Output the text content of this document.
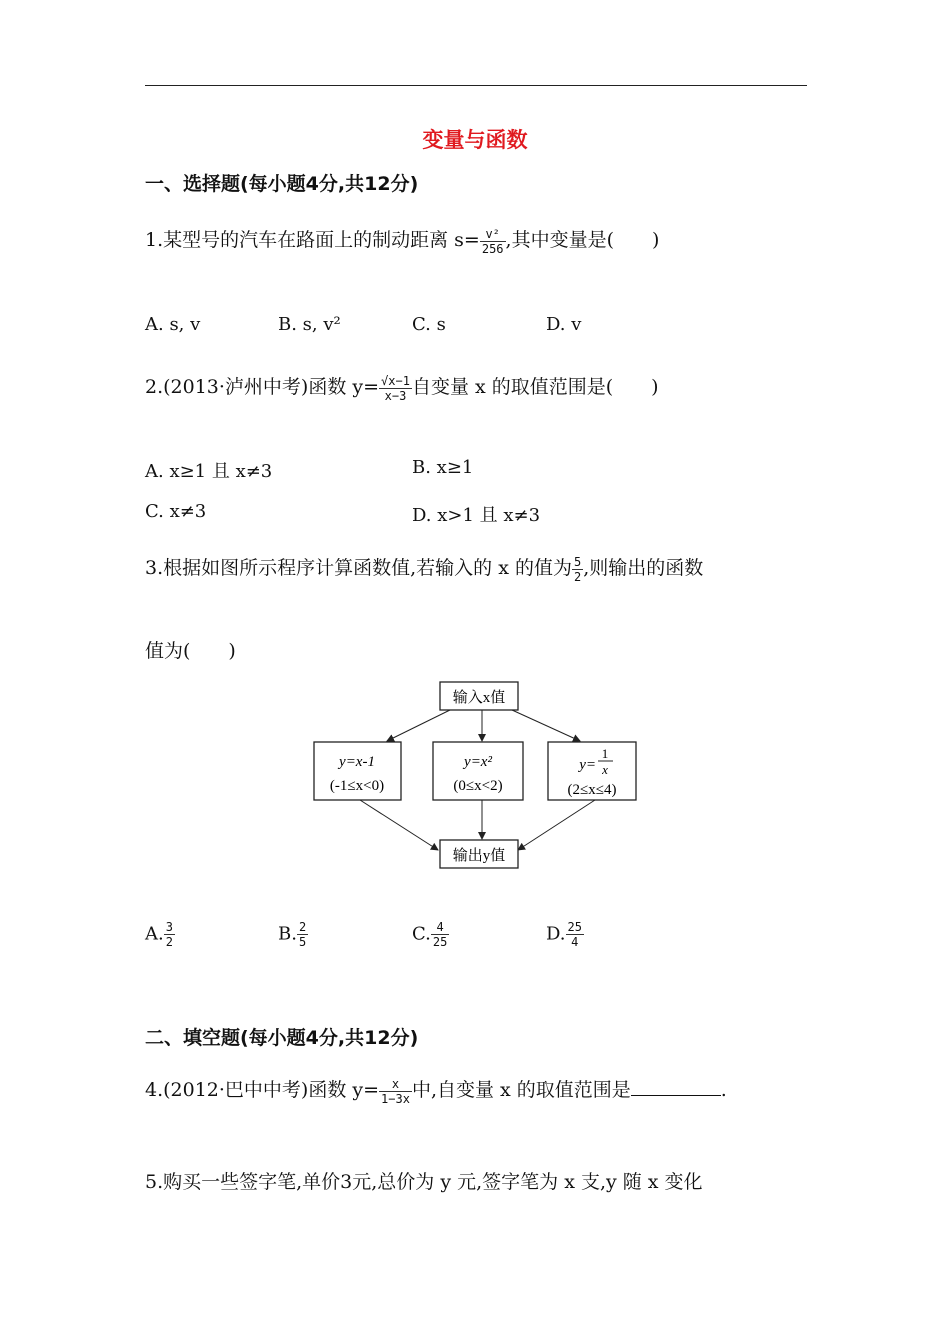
变量与函数
一、选择题(每小题4分,共12分)
1.某型号的汽车在路面上的制动距离 $s= \frac{\text{v²}}{256}$ ,其中变量是(　　)
A. s, v	B. s, v²	C. s	D. v
2.(2013·泸州中考)函数 $y= \frac{√x-1}{x-3}$ 自变量 x 的取值范围是(　　)
A. x≥1 且 x≠3	B. x≥1
C. x≠3	D. x>1 且 x≠3
3.根据如图所示程序计算函数值,若输入的 x 的值为 $\frac{5}{2}$ ,则输出的函数
值为(　　)
输入x值
y=x-1
(-1≤x<0)
y=x²
(0≤x<2)
y=
1
x
(2≤x≤4)
输出y值
A. $\frac{3}{2}$	B. $\frac{2}{5}$	C. $\frac{4}{25}$	D. $\frac{25}{4}$
二、填空题(每小题4分,共12分)
4.(2012·巴中中考)函数 $y= \frac{x}{1-3x}$ 中,自变量 x 的取值范围是	.
5.购买一些签字笔,单价3元,总价为 y 元,签字笔为 x 支,y 随 x 变化
